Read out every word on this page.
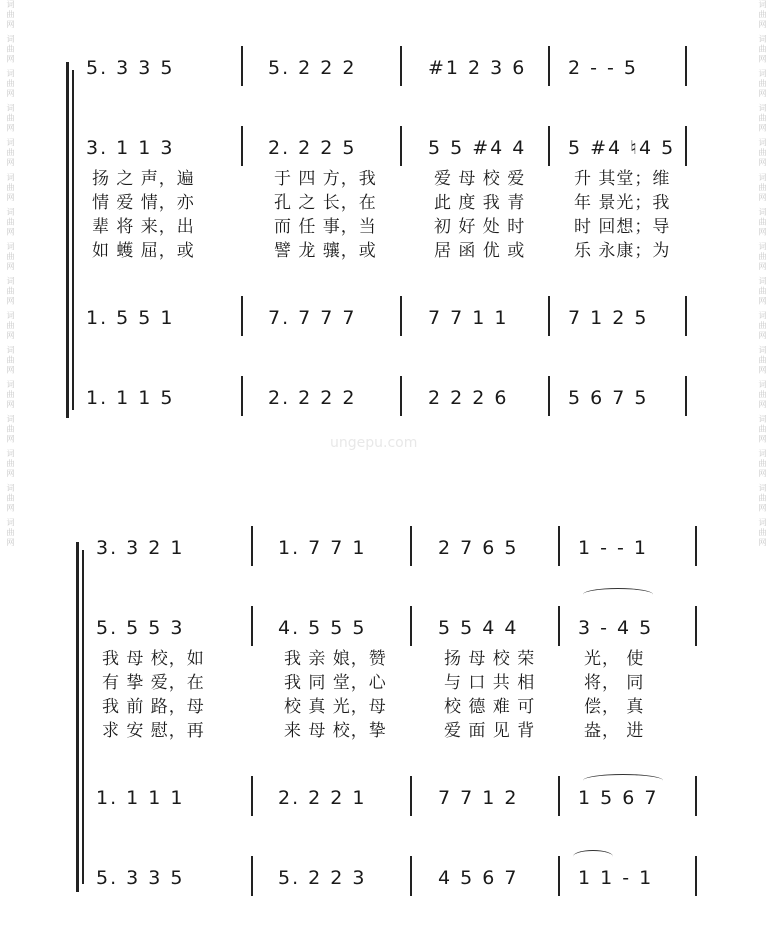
词曲网 词曲网 词曲网 词曲网 词曲网 词曲网 词曲网 词曲网 词曲网 词曲网 词曲网 词曲网 词曲网 词曲网 词曲网 词曲网	词曲网 词曲网 词曲网 词曲网 词曲网 词曲网 词曲网 词曲网 词曲网 词曲网 词曲网 词曲网 词曲网 词曲网 词曲网 词曲网
ungepu.com
5. 3 3 5	5. 2 2 2	#1 2 3 6	2 - - 5
3. 1 1 3	2. 2 2 5	5 5 #4 4	5 #4 ♮4 5
1. 5 5 1	7. 7 7 7	7 7 1 1	7 1 2 5
1. 1 1 5	2. 2 2 2	2 2 2 6	5 6 7 5
扬 之 声，遍	于 四 方，我	爱 母 校 爱	升 其堂；维
情 爱 情，亦	孔 之 长，在	此 度 我 青	年 景光；我
辈 将 来，出	而 任 事，当	初 好 处 时	时 回想；导
如 蠖 屈，或	譬 龙 骧，或	居 函 优 或	乐 永康；为
3. 3 2 1	1. 7 7 1	2 7 6 5	1 - - 1
5. 5 5 3	4. 5 5 5	5 5 4 4	3 - 4 5
1. 1 1 1	2. 2 2 1	7 7 1 2	1 5 6 7
5. 3 3 5	5. 2 2 3	4 5 6 7	1 1 - 1
我 母 校，如	我 亲 娘，赞	扬 母 校 荣	光， 使
有 挚 爱，在	我 同 堂，心	与 口 共 相	将， 同
我 前 路，母	校 真 光，母	校 德 难 可	偿， 真
求 安 慰，再	来 母 校，挚	爱 面 见 背	盎， 进
